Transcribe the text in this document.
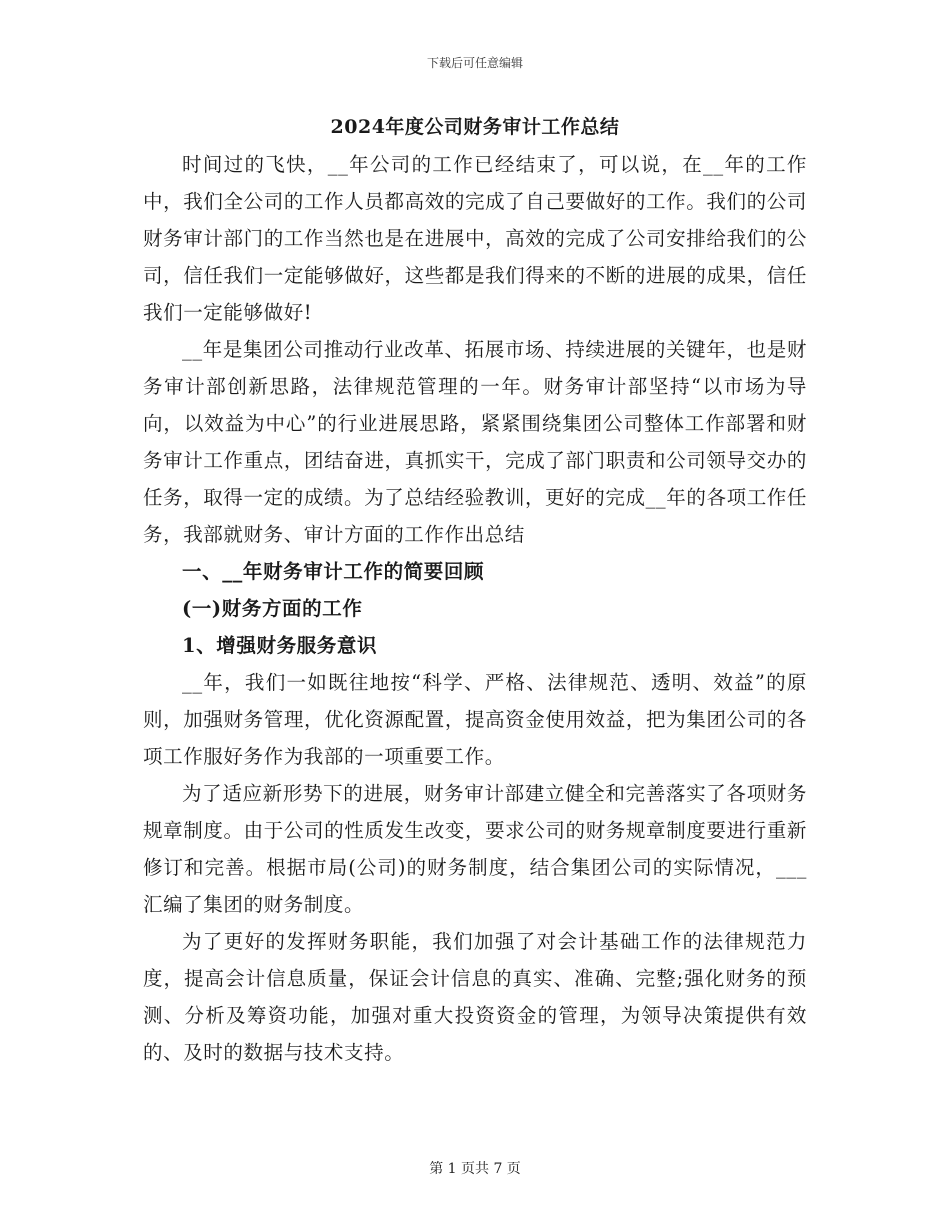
下载后可任意编辑
2024年度公司财务审计工作总结

时间过的飞快，__年公司的工作已经结束了，可以说，在__年的工作中，我们全公司的工作人员都高效的完成了自己要做好的工作。我们的公司财务审计部门的工作当然也是在进展中，高效的完成了公司安排给我们的公司，信任我们一定能够做好，这些都是我们得来的不断的进展的成果，信任我们一定能够做好!

__年是集团公司推动行业改革、拓展市场、持续进展的关键年，也是财务审计部创新思路，法律规范管理的一年。财务审计部坚持“以市场为导向，以效益为中心”的行业进展思路，紧紧围绕集团公司整体工作部署和财务审计工作重点，团结奋进，真抓实干，完成了部门职责和公司领导交办的任务，取得一定的成绩。为了总结经验教训，更好的完成__年的各项工作任务，我部就财务、审计方面的工作作出总结

一、__年财务审计工作的简要回顾

(一)财务方面的工作

1、增强财务服务意识

__年，我们一如既往地按“科学、严格、法律规范、透明、效益”的原则，加强财务管理，优化资源配置，提高资金使用效益，把为集团公司的各项工作服好务作为我部的一项重要工作。

为了适应新形势下的进展，财务审计部建立健全和完善落实了各项财务规章制度。由于公司的性质发生改变，要求公司的财务规章制度要进行重新修订和完善。根据市局(公司)的财务制度，结合集团公司的实际情况，___汇编了集团的财务制度。

为了更好的发挥财务职能，我们加强了对会计基础工作的法律规范力度，提高会计信息质量，保证会计信息的真实、准确、完整;强化财务的预测、分析及筹资功能，加强对重大投资资金的管理，为领导决策提供有效的、及时的数据与技术支持。

第 1 页共 7 页
